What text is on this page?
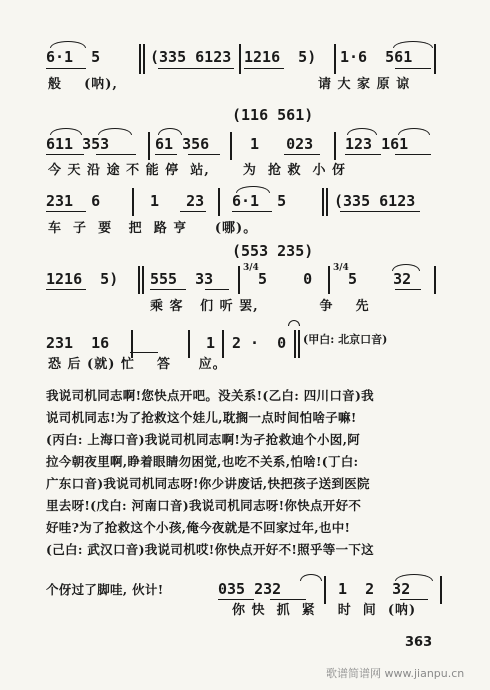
6·1  5	(335 6123 1216  5) 1·6  561
般    (呐),	请 大 家 原 谅
(116 561)
611 353	61 356	1   023 123 161
今 天 沿 途 不 能 停  站,      为  抢 救  小 伢
231  6	1   23 6·1  5	(335 6123
车  子  要   把  路 亨     (哪)。
(553 235)
1216  5) 555  33
3/4
5    0
3/4
5    32
乘 客   们 听 罢,           争    先
231  16	1 2 ·  0 (甲白: 北京口音)
恐 后 (就) 忙    答     应。
我说司机同志啊!您快点开吧。没关系!(乙白: 四川口音)我
说司机同志!为了抢救这个娃儿,耽搁一点时间怕啥子嘛!
(丙白: 上海口音)我说司机同志啊!为孑抢救迪个小囡,阿
拉今朝夜里啊,睁着眼睛勿困觉,也吃不关系,怕啥!(丁白:
广东口音)我说司机同志呀!你少讲废话,快把孩子送到医院
里去呀!(戊白: 河南口音)我说司机同志呀!你快点开好不
好哇?为了抢救这个小孩,俺今夜就是不回家过年,也中!
(己白: 武汉口音)我说司机哎!你快点开好不!照乎等一下这
个伢过了脚哇, 伙计!	035 232	1  2  32
你 快  抓  紧    时  间  (呐)
363
歌谱简谱网 www.jianpu.cn
